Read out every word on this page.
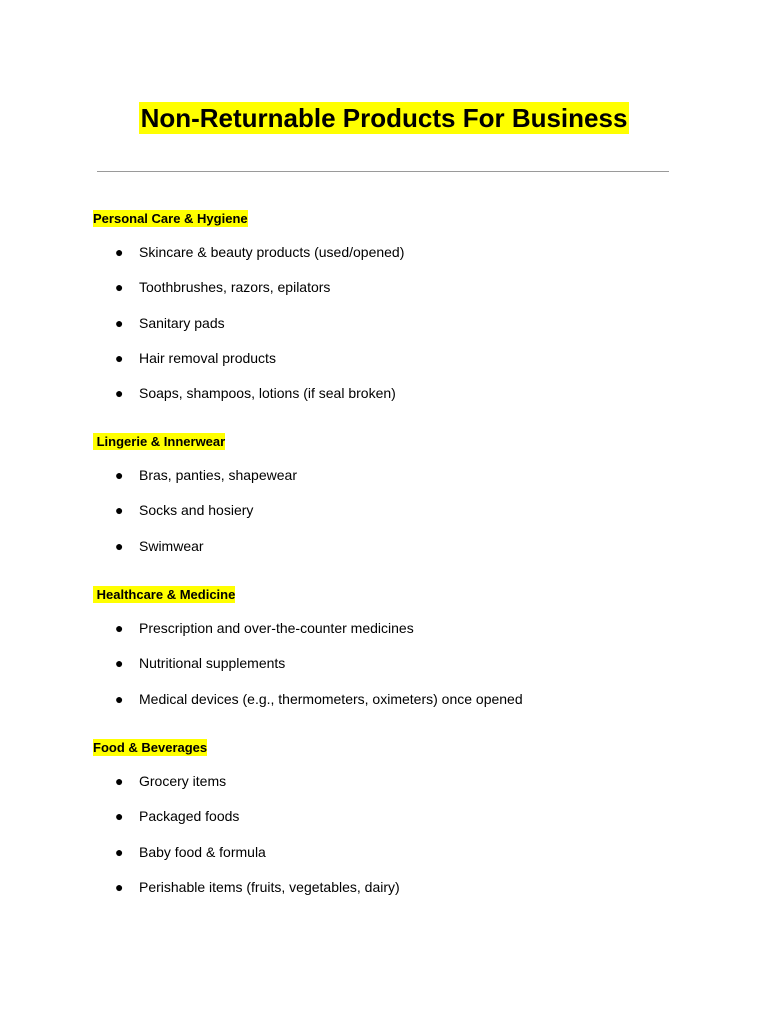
Non-Returnable Products For Business
Personal Care & Hygiene
● Skincare & beauty products (used/opened)
● Toothbrushes, razors, epilators
● Sanitary pads
● Hair removal products
● Soaps, shampoos, lotions (if seal broken)
Lingerie & Innerwear
● Bras, panties, shapewear
● Socks and hosiery
● Swimwear
Healthcare & Medicine
● Prescription and over-the-counter medicines
● Nutritional supplements
● Medical devices (e.g., thermometers, oximeters) once opened
Food & Beverages
● Grocery items
● Packaged foods
● Baby food & formula
● Perishable items (fruits, vegetables, dairy)
